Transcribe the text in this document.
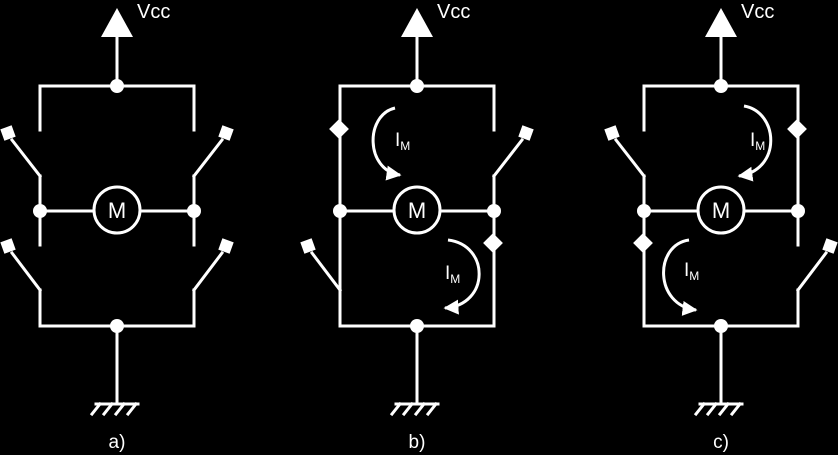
Vcc
M
a)
Vcc
M
$I_M$
$I_M$
b)
Vcc
M
$I_M$
$I_M$
c)
